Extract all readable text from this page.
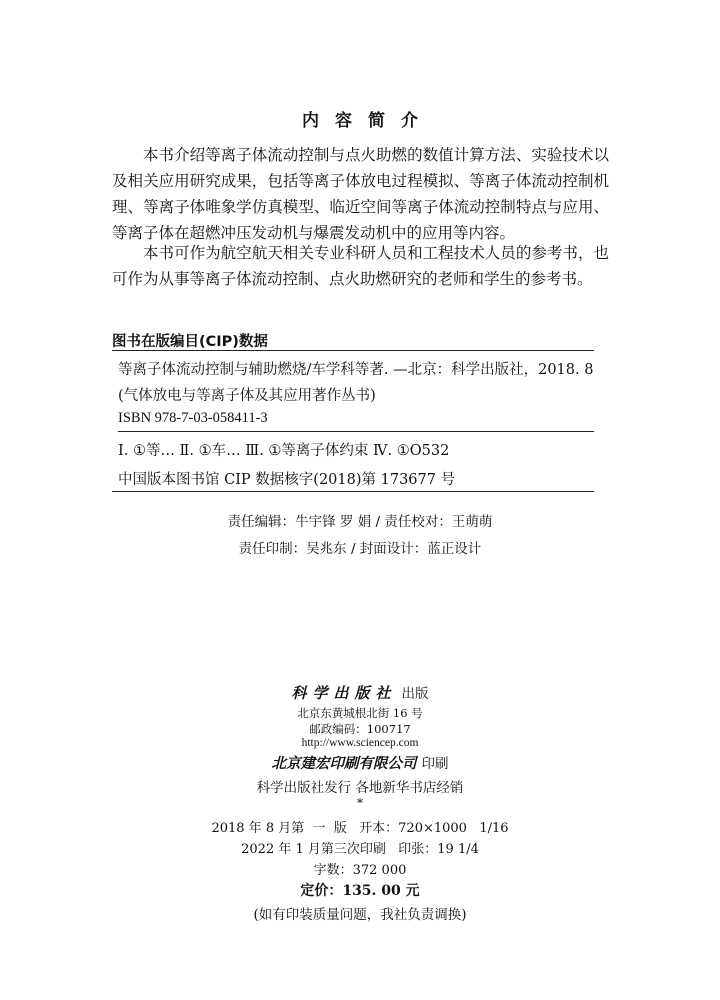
内容简介
本书介绍等离子体流动控制与点火助燃的数值计算方法、实验技术以及相关应用研究成果，包括等离子体放电过程模拟、等离子体流动控制机理、等离子体唯象学仿真模型、临近空间等离子体流动控制特点与应用、等离子体在超燃冲压发动机与爆震发动机中的应用等内容。
本书可作为航空航天相关专业科研人员和工程技术人员的参考书，也可作为从事等离子体流动控制、点火助燃研究的老师和学生的参考书。
图书在版编目(CIP)数据
等离子体流动控制与辅助燃烧/车学科等著. —北京：科学出版社，2018. 8
(气体放电与等离子体及其应用著作丛书)
ISBN 978-7-03-058411-3
Ⅰ. ①等… Ⅱ. ①车… Ⅲ. ①等离子体约束 Ⅳ. ①O532
中国版本图书馆 CIP 数据核字(2018)第 173677 号
责任编辑：牛宇锋 罗 娟 / 责任校对：王萌萌
责任印制：吴兆东 / 封面设计：蓝正设计
科学出版社 出版
北京东黄城根北街 16 号
邮政编码：100717
http://www.sciencep.com
北京建宏印刷有限公司 印刷
科学出版社发行 各地新华书店经销
*
2018 年 8 月第  一  版   开本：720×1000   1/16
2022 年 1 月第三次印刷   印张：19 1/4
字数：372 000
定价：135. 00 元
(如有印装质量问题，我社负责调换)
